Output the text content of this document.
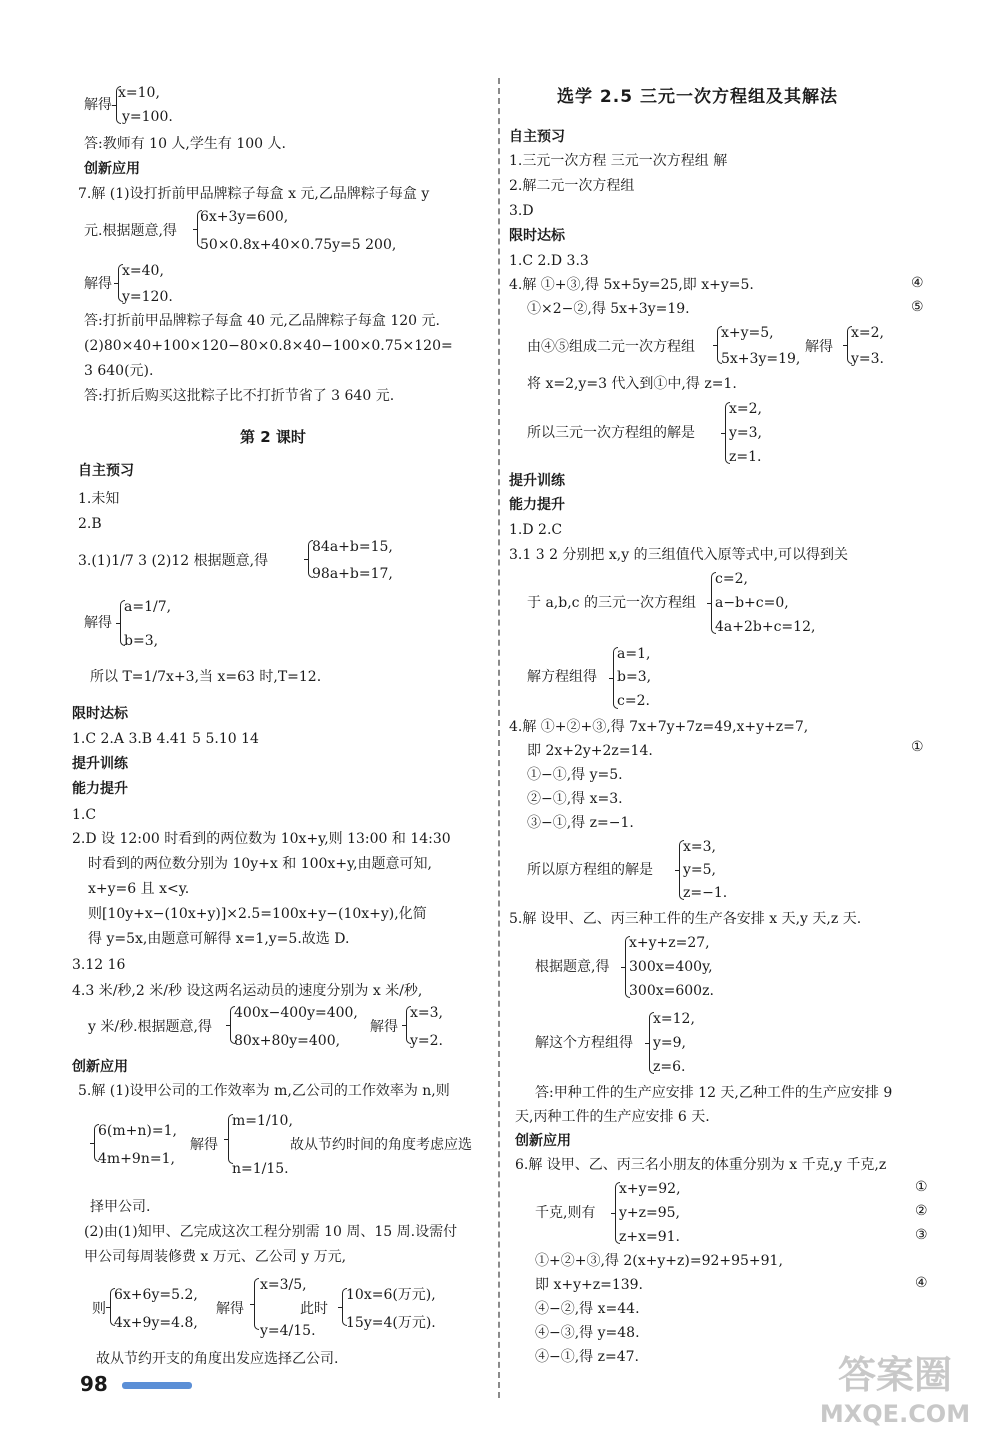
x=10,
解得
y=100.
答:教师有 10 人,学生有 100 人.
创新应用
7.解 (1)设打折前甲品牌粽子每盒 x 元,乙品牌粽子每盒 y
6x+3y=600,
元.根据题意,得
50×0.8x+40×0.75y=5 200,
x=40,
解得
y=120.
答:打折前甲品牌粽子每盒 40 元,乙品牌粽子每盒 120 元.
(2)80×40+100×120−80×0.8×40−100×0.75×120=
3 640(元).
答:打折后购买这批粽子比不打折节省了 3 640 元.
第 2 课时
自主预习
1.未知
2.B
84a+b=15,
3.(1)1/7 3 (2)12 根据题意,得
98a+b=17,
a=1/7,
解得
b=3,
所以 T=1/7x+3,当 x=63 时,T=12.
限时达标
1.C 2.A 3.B 4.41 5 5.10 14
提升训练
能力提升
1.C
2.D 设 12:00 时看到的两位数为 10x+y,则 13:00 和 14:30
时看到的两位数分别为 10y+x 和 100x+y,由题意可知,
x+y=6 且 x<y.
则[10y+x−(10x+y)]×2.5=100x+y−(10x+y),化简
得 y=5x,由题意可解得 x=1,y=5.故选 D.
3.12 16
4.3 米/秒,2 米/秒 设这两名运动员的速度分别为 x 米/秒,
400x−400y=400,	x=3,
y 米/秒.根据题意,得	解得
80x+80y=400,	y=2.
创新应用
5.解 (1)设甲公司的工作效率为 m,乙公司的工作效率为 n,则
m=1/10,
6(m+n)=1,
解得	故从节约时间的角度考虑应选
4m+9n=1,
n=1/15.
择甲公司.
(2)由(1)知甲、乙完成这次工程分别需 10 周、15 周.设需付
甲公司每周装修费 x 万元、乙公司 y 万元,
6x+6y=5.2,
x=3/5,
10x=6(万元),
则	解得	此时
4x+9y=4.8,	y=4/15. 15y=4(万元).
故从节约开支的角度出发应选择乙公司.
选学 2.5 三元一次方程组及其解法
自主预习
1.三元一次方程 三元一次方程组 解
2.解二元一次方程组
3.D
限时达标
1.C 2.D 3.3
4.解 ①+③,得 5x+5y=25,即 x+y=5.	④
①×2−②,得 5x+3y=19.	⑤
x+y=5,	x=2,
由④⑤组成二元一次方程组	解得
5x+3y=19,	y=3.
将 x=2,y=3 代入到①中,得 z=1.
x=2,
所以三元一次方程组的解是 y=3,
z=1.
提升训练
能力提升
1.D 2.C
3.1 3 2 分别把 x,y 的三组值代入原等式中,可以得到关
c=2,
于 a,b,c 的三元一次方程组 a−b+c=0,
4a+2b+c=12,
a=1,
解方程组得 b=3,
c=2.
4.解 ①+②+③,得 7x+7y+7z=49,x+y+z=7,
即 2x+2y+2z=14.	①
①−①,得 y=5.
②−①,得 x=3.
③−①,得 z=−1.
x=3,
所以原方程组的解是 y=5,
z=−1.
5.解 设甲、乙、丙三种工件的生产各安排 x 天,y 天,z 天.
x+y+z=27,
根据题意,得 300x=400y,
300x=600z.
x=12,
解这个方程组得 y=9,
z=6.
答:甲种工件的生产应安排 12 天,乙种工件的生产应安排 9
天,丙种工件的生产应安排 6 天.
创新应用
6.解 设甲、乙、丙三名小朋友的体重分别为 x 千克,y 千克,z
x+y=92,	①
千克,则有 y+z=95,	②
z+x=91.	③
①+②+③,得 2(x+y+z)=92+95+91,
即 x+y+z=139.	④
④−②,得 x=44.
④−③,得 y=48.
④−①,得 z=47.
98	答案圈
MXQE.COM
